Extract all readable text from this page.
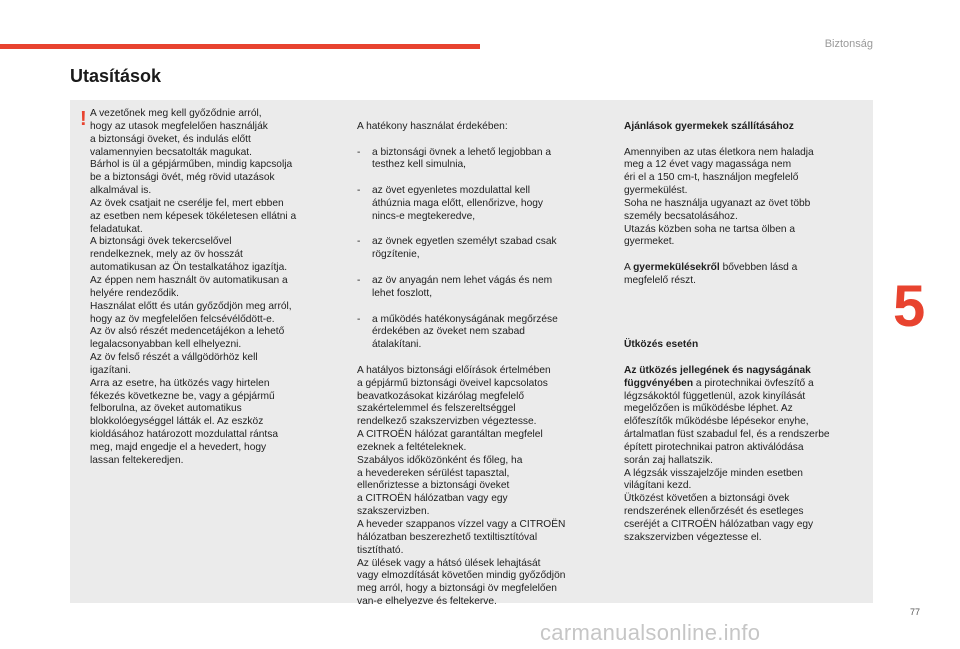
Biztonság
Utasítások
5
! A vezetőnek meg kell győződnie arról,
hogy az utasok megfelelően használják
a biztonsági öveket, és indulás előtt
valamennyien becsatolták magukat.
Bárhol is ül a gépjárműben, mindig kapcsolja
be a biztonsági övét, még rövid utazások
alkalmával is.
Az övek csatjait ne cserélje fel, mert ebben
az esetben nem képesek tökéletesen ellátni a
feladatukat.
A biztonsági övek tekercselővel
rendelkeznek, mely az öv hosszát
automatikusan az Ön testalkatához igazítja.
Az éppen nem használt öv automatikusan a
helyére rendeződik.
Használat előtt és után győződjön meg arról,
hogy az öv megfelelően felcsévélődött-e.
Az öv alsó részét medencetájékon a lehető
legalacsonyabban kell elhelyezni.
Az öv felső részét a vállgödörhöz kell
igazítani.
Arra az esetre, ha ütközés vagy hirtelen
fékezés következne be, vagy a gépjármű
felborulna, az öveket automatikus
blokkolóegységgel látták el. Az eszköz
kioldásához határozott mozdulattal rántsa
meg, majd engedje el a hevedert, hogy
lassan feltekeredjen.

A hatékony használat érdekében:

- a biztonsági övnek a lehető legjobban a
testhez kell simulnia,

- az övet egyenletes mozdulattal kell
áthúznia maga előtt, ellenőrizve, hogy
nincs-e megtekeredve,

- az övnek egyetlen személyt szabad csak
rögzítenie,

- az öv anyagán nem lehet vágás és nem
lehet foszlott,

- a működés hatékonyságának megőrzése
érdekében az öveket nem szabad
átalakítani.

A hatályos biztonsági előírások értelmében
a gépjármű biztonsági öveivel kapcsolatos
beavatkozásokat kizárólag megfelelő
szakértelemmel és felszereltséggel
rendelkező szakszervizben végeztesse.
A CITROËN hálózat garantáltan megfelel
ezeknek a feltételeknek.
Szabályos időközönként és főleg, ha
a hevedereken sérülést tapasztal,
ellenőriztesse a biztonsági öveket
a CITROËN hálózatban vagy egy
szakszervizben.
A heveder szappanos vízzel vagy a CITROËN
hálózatban beszerezhető textiltisztítóval
tisztítható.
Az ülések vagy a hátsó ülések lehajtását
vagy elmozdítását követően mindig győződjön
meg arról, hogy a biztonsági öv megfelelően
van-e elhelyezve és feltekerve.

Ajánlások gyermekek szállításához

Amennyiben az utas életkora nem haladja
meg a 12 évet vagy magassága nem
éri el a 150 cm-t, használjon megfelelő
gyermekülést.
Soha ne használja ugyanazt az övet több
személy becsatolásához.
Utazás közben soha ne tartsa ölben a
gyermeket.

A gyermekülésekről bővebben lásd a
megfelelő részt.

Ütközés esetén

Az ütközés jellegének és nagyságának
függvényében a pirotechnikai övfeszítő a
légzsákoktól függetlenül, azok kinyílását
megelőzően is működésbe léphet. Az
előfeszítők működésbe lépésekor enyhe,
ártalmatlan füst szabadul fel, és a rendszerbe
épített pirotechnikai patron aktiválódása
során zaj hallatszik.
A légzsák visszajelzője minden esetben
világítani kezd.
Ütközést követően a biztonsági övek
rendszerének ellenőrzését és esetleges
cseréjét a CITROËN hálózatban vagy egy
szakszervizben végeztesse el.

77
carmanualsonline.info
